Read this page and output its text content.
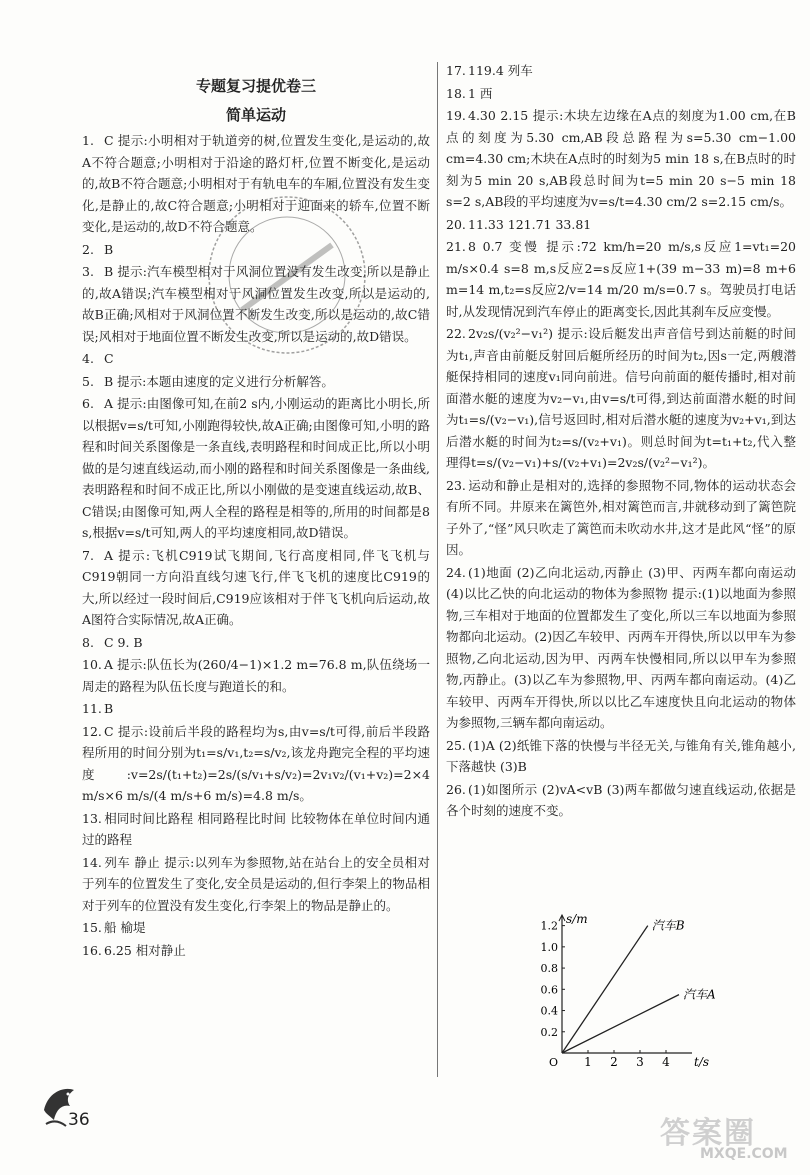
专题复习提优卷三

简单运动

1. C 提示:小明相对于轨道旁的树,位置发生变化,是运动的,故A不符合题意;小明相对于沿途的路灯杆,位置不断变化,是运动的,故B不符合题意;小明相对于有轨电车的车厢,位置没有发生变化,是静止的,故C符合题意;小明相对于迎面来的轿车,位置不断变化,是运动的,故D不符合题意。

2. B

3. B 提示:汽车模型相对于风洞位置没有发生改变,所以是静止的,故A错误;汽车模型相对于风洞位置发生改变,所以是运动的,故B正确;风相对于风洞位置不断发生改变,所以是运动的,故C错误;风相对于地面位置不断发生改变,所以是运动的,故D错误。

4. C

5. B 提示:本题由速度的定义进行分析解答。

6. A 提示:由图像可知,在前2 s内,小刚运动的距离比小明长,所以根据v=s/t可知,小刚跑得较快,故A正确;由图像可知,小明的路程和时间关系图像是一条直线,表明路程和时间成正比,所以小明做的是匀速直线运动,而小刚的路程和时间关系图像是一条曲线,表明路程和时间不成正比,所以小刚做的是变速直线运动,故B、C错误;由图像可知,两人全程的路程是相等的,所用的时间都是8 s,根据v=s/t可知,两人的平均速度相同,故D错误。

7. A 提示:飞机C919试飞期间,飞行高度相同,伴飞飞机与C919朝同一方向沿直线匀速飞行,伴飞飞机的速度比C919的大,所以经过一段时间后,C919应该相对于伴飞飞机向后运动,故A图符合实际情况,故A正确。

8. C 9. B

10. A 提示:队伍长为(260/4−1)×1.2 m=76.8 m,队伍绕场一周走的路程为队伍长度与跑道长的和。

11. B

12. C 提示:设前后半段的路程均为s,由v=s/t可得,前后半段路程所用的时间分别为t₁=s/v₁,t₂=s/v₂,该龙舟跑完全程的平均速度:v=2s/(t₁+t₂)=2s/(s/v₁+s/v₂)=2v₁v₂/(v₁+v₂)=2×4 m/s×6 m/s/(4 m/s+6 m/s)=4.8 m/s。

13. 相同时间比路程 相同路程比时间 比较物体在单位时间内通过的路程

14. 列车 静止 提示:以列车为参照物,站在站台上的安全员相对于列车的位置发生了变化,安全员是运动的,但行李架上的物品相对于列车的位置没有发生变化,行李架上的物品是静止的。

15. 船 榆堤

16. 6.25 相对静止

17. 119.4 列车

18. 1 西

19. 4.30 2.15 提示:木块左边缘在A点的刻度为1.00 cm,在B点的刻度为5.30 cm,AB段总路程为s=5.30 cm−1.00 cm=4.30 cm;木块在A点时的时刻为5 min 18 s,在B点时的时刻为5 min 20 s,AB段总时间为t=5 min 20 s−5 min 18 s=2 s,AB段的平均速度为v=s/t=4.30 cm/2 s=2.15 cm/s。

20. 11.33 121.71 33.81

21. 8 0.7 变慢 提示:72 km/h=20 m/s,s反应1=vt₁=20 m/s×0.4 s=8 m,s反应2=s反应1+(39 m−33 m)=8 m+6 m=14 m,t₂=s反应2/v=14 m/20 m/s=0.7 s。驾驶员打电话时,从发现情况到汽车停止的距离变长,因此其刹车反应变慢。

22. 2v₂s/(v₂²−v₁²) 提示:设后艇发出声音信号到达前艇的时间为t₁,声音由前艇反射回后艇所经历的时间为t₂,因s一定,两艘潜艇保持相同的速度v₁同向前进。信号向前面的艇传播时,相对前面潜水艇的速度为v₂−v₁,由v=s/t可得,到达前面潜水艇的时间为t₁=s/(v₂−v₁),信号返回时,相对后潜水艇的速度为v₂+v₁,到达后潜水艇的时间为t₂=s/(v₂+v₁)。则总时间为t=t₁+t₂,代入整理得t=s/(v₂−v₁)+s/(v₂+v₁)=2v₂s/(v₂²−v₁²)。

23. 运动和静止是相对的,选择的参照物不同,物体的运动状态会有所不同。井原来在篱笆外,相对篱笆而言,井就移动到了篱笆院子外了,“怪”风只吹走了篱笆而未吹动水井,这才是此风“怪”的原因。

24. (1)地面 (2)乙向北运动,丙静止 (3)甲、丙两车都向南运动 (4)以比乙快的向北运动的物体为参照物 提示:(1)以地面为参照物,三车相对于地面的位置都发生了变化,所以三车以地面为参照物都向北运动。(2)因乙车较甲、丙两车开得快,所以以甲车为参照物,乙向北运动,因为甲、丙两车快慢相同,所以以甲车为参照物,丙静止。(3)以乙车为参照物,甲、丙两车都向南运动。(4)乙车较甲、丙两车开得快,所以以比乙车速度快且向北运动的物体为参照物,三辆车都向南运动。

25. (1)A (2)纸锥下落的快慢与半径无关,与锥角有关,锥角越小,下落越快 (3)B

26. (1)如图所示 (2)vA<vB (3)两车都做匀速直线运动,依据是各个时刻的速度不变。

1 2 3 4
0.2
0.4
0.6
0.8
1.0
1.2
t/s
s/m	汽车B
汽车A
O
36	答案圈
MXQE.COM
